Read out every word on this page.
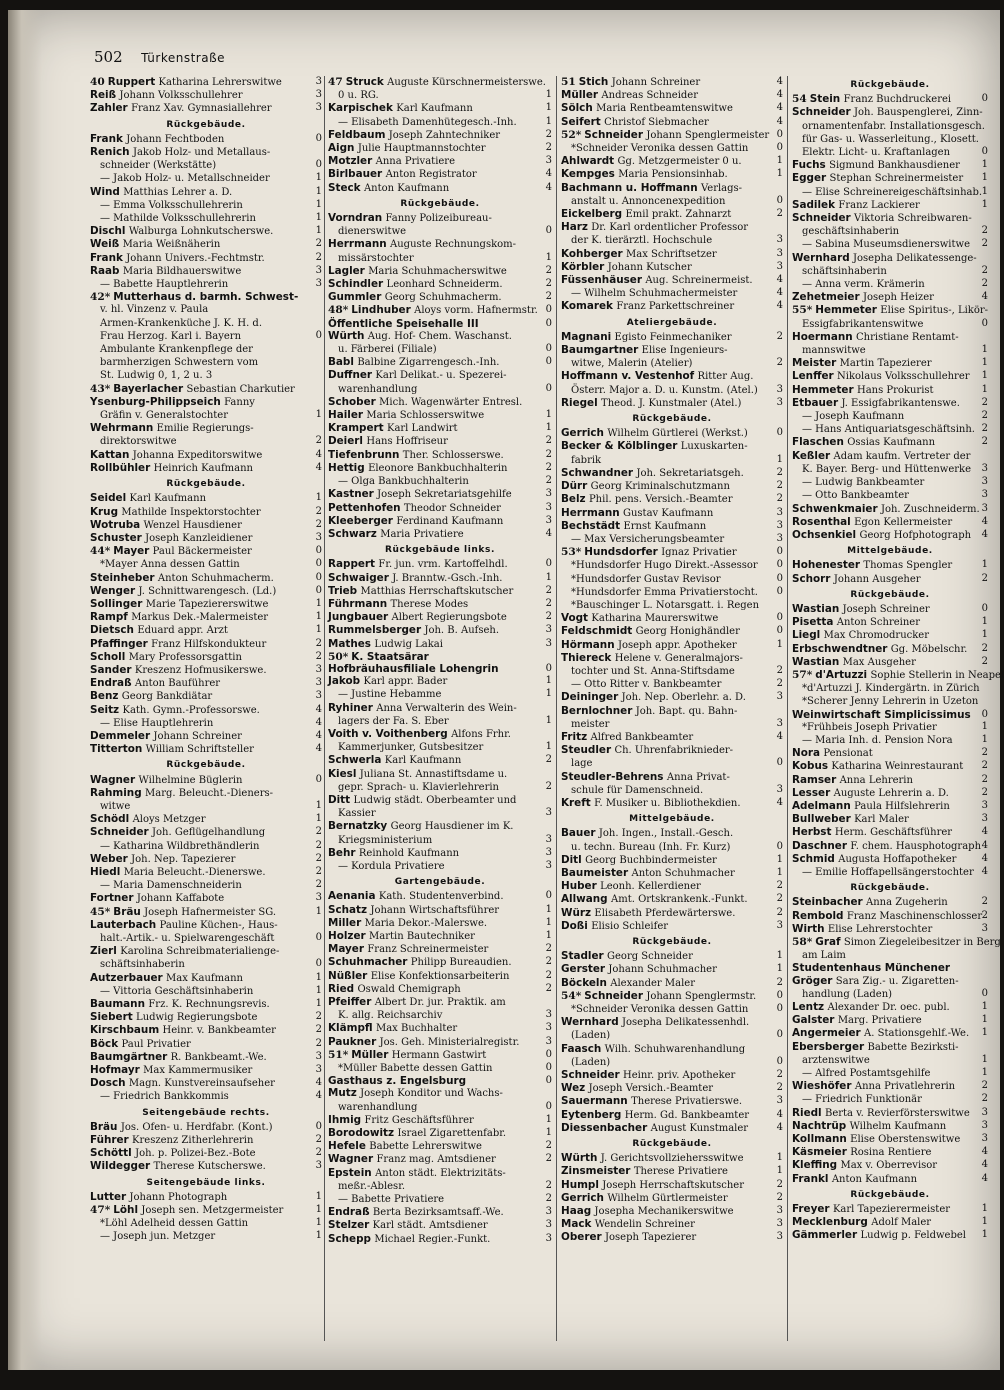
502 Türkenstraße
40 Ruppert Katharina Lehrerswitwe	3
Reiß Johann Volksschullehrer	3
Zahler Franz Xav. Gymnasiallehrer	3
Rückgebäude.
Frank Johann Fechtboden	0
Renich Jakob Holz- und Metallaus-
schneider (Werkstätte)	0
— Jakob Holz- u. Metallschneider	1
Wind Matthias Lehrer a. D.	1
— Emma Volksschullehrerin	1
— Mathilde Volksschullehrerin	1
Dischl Walburga Lohnkutscherswe.	1
Weiß Maria Weißnäherin	2
Frank Johann Univers.-Fechtmstr.	2
Raab Maria Bildhauerswitwe	3
— Babette Hauptlehrerin	3
42* Mutterhaus d. barmh. Schwest-
v. hl. Vinzenz v. Paula
Armen-Krankenküche J. K. H. d.
Frau Herzog. Karl i. Bayern	0
Ambulante Krankenpflege der
barmherzigen Schwestern vom
St. Ludwig 0, 1, 2 u. 3
43* Bayerlacher Sebastian Charkutier
Ysenburg-Philippseich Fanny
Gräfin v. Generalstochter	1
Wehrmann Emilie Regierungs-
direktorswitwe	2
Kattan Johanna Expeditorswitwe	4
Rollbühler Heinrich Kaufmann	4
Rückgebäude.
Seidel Karl Kaufmann	1
Krug Mathilde Inspektorstochter	2
Wotruba Wenzel Hausdiener	2
Schuster Joseph Kanzleidiener	3
44* Mayer Paul Bäckermeister	0
*Mayer Anna dessen Gattin	0
Steinheber Anton Schuhmacherm.	0
Wenger J. Schnittwarengesch. (Ld.)	0
Sollinger Marie Tapeziererswitwe	1
Rampf Markus Dek.-Malermeister	1
Dietsch Eduard appr. Arzt	1
Pfaffinger Franz Hilfskondukteur	2
Scholl Mary Professorsgattin	2
Sander Kreszenz Hofmusikerswe.	3
Endraß Anton Bauführer	3
Benz Georg Bankdiätar	3
Seitz Kath. Gymn.-Professorswe.	4
— Elise Hauptlehrerin	4
Demmeler Johann Schreiner	4
Titterton William Schriftsteller	4
Rückgebäude.
Wagner Wilhelmine Büglerin	0
Rahming Marg. Beleucht.-Dieners-
witwe	1
Schödl Aloys Metzger	1
Schneider Joh. Geflügelhandlung	2
— Katharina Wildbrethändlerin	2
Weber Joh. Nep. Tapezierer	2
Hiedl Maria Beleucht.-Dienerswe.	2
— Maria Damenschneiderin	2
Fortner Johann Kaffabote	3
45* Bräu Joseph Hafnermeister SG.	1
Lauterbach Pauline Küchen-, Haus-
halt.-Artik.- u. Spielwarengeschäft	0
Zierl Karolina Schreibmaterialienge-
schäftsinhaberin	0
Autzerbauer Max Kaufmann	1
— Vittoria Geschäftsinhaberin	1
Baumann Frz. K. Rechnungsrevis.	1
Siebert Ludwig Regierungsbote	2
Kirschbaum Heinr. v. Bankbeamter	2
Böck Paul Privatier	2
Baumgärtner R. Bankbeamt.-We.	3
Hofmayr Max Kammermusiker	3
Dosch Magn. Kunstvereinsaufseher	4
— Friedrich Bankkommis	4
Seitengebäude rechts.
Bräu Jos. Ofen- u. Herdfabr. (Kont.)	0
Führer Kreszenz Zitherlehrerin	2
Schöttl Joh. p. Polizei-Bez.-Bote	2
Wildegger Therese Kutscherswe.	3
Seitengebäude links.
Lutter Johann Photograph	1
47* Löhl Joseph sen. Metzgermeister	1
*Löhl Adelheid dessen Gattin	1
— Joseph jun. Metzger	1
47 Struck Auguste Kürschnermeisterswe.
0 u. RG.	1
Karpischek Karl Kaufmann	1
— Elisabeth Damenhütegesch.-Inh.	1
Feldbaum Joseph Zahntechniker	2
Aign Julie Hauptmannstochter	2
Motzler Anna Privatiere	3
Birlbauer Anton Registrator	4
Steck Anton Kaufmann	4
Rückgebäude.
Vorndran Fanny Polizeibureau-
dienerswitwe	0
Herrmann Auguste Rechnungskom-
missärstochter	1
Lagler Maria Schuhmacherswitwe	2
Schindler Leonhard Schneiderm.	2
Gummler Georg Schuhmacherm.	2
48* Lindhuber Aloys vorm. Hafnermstr. 0
Öffentliche Speisehalle III	0
Würth Aug. Hof- Chem. Waschanst.
u. Färberei (Filiale)	0
Babl Balbine Zigarrengesch.-Inh.	0
Duffner Karl Delikat.- u. Spezerei-
warenhandlung	0
Schober Mich. Wagenwärter Entresl.
Hailer Maria Schlosserswitwe	1
Krampert Karl Landwirt	1
Deierl Hans Hoffriseur	2
Tiefenbrunn Ther. Schlosserswe.	2
Hettig Eleonore Bankbuchhalterin	2
— Olga Bankbuchhalterin	2
Kastner Joseph Sekretariatsgehilfe	3
Pettenhofen Theodor Schneider	3
Kleeberger Ferdinand Kaufmann	3
Schwarz Maria Privatiere	4
Rückgebäude links.
Rappert Fr. jun. vrm. Kartoffelhdl.	0
Schwaiger J. Branntw.-Gsch.-Inh.	1
Trieb Matthias Herrschaftskutscher	2
Führmann Therese Modes	2
Jungbauer Albert Regierungsbote	2
Rummelsberger Joh. B. Aufseh.	3
Mathes Ludwig Lakai	3
50* K. Staatsärar
Hofbräuhausfiliale Lohengrin	0
Jakob Karl appr. Bader	1
— Justine Hebamme	1
Ryhiner Anna Verwalterin des Wein-
lagers der Fa. S. Eber	1
Voith v. Voithenberg Alfons Frhr.
Kammerjunker, Gutsbesitzer	1
Schwerla Karl Kaufmann	2
Kiesl Juliana St. Annastiftsdame u.
gepr. Sprach- u. Klavierlehrerin	2
Ditt Ludwig städt. Oberbeamter und
Kassier	3
Bernatzky Georg Hausdiener im K.
Kriegsministerium	3
Behr Reinhold Kaufmann	3
— Kordula Privatiere	3
Gartengebäude.
Aenania Kath. Studentenverbind.	0
Schatz Johann Wirtschaftsführer	1
Miller Maria Dekor.-Malerswe.	1
Holzer Martin Bautechniker	1
Mayer Franz Schreinermeister	2
Schuhmacher Philipp Bureaudien.	2
Nüßler Elise Konfektionsarbeiterin	2
Ried Oswald Chemigraph	2
Pfeiffer Albert Dr. jur. Praktik. am
K. allg. Reichsarchiv	3
Klämpfl Max Buchhalter	3
Paukner Jos. Geh. Ministerialregistr.	3
51* Müller Hermann Gastwirt	0
*Müller Babette dessen Gattin	0
Gasthaus z. Engelsburg	0
Mutz Joseph Konditor und Wachs-
warenhandlung	0
Ihmig Fritz Geschäftsführer	1
Borodowitz Israel Zigarettenfabr.	1
Hefele Babette Lehrerswitwe	2
Wagner Franz mag. Amtsdiener	2
Epstein Anton städt. Elektrizitäts-
meßr.-Ablesr.	2
— Babette Privatiere	2
Endraß Berta Bezirksamtsaff.-We.	3
Stelzer Karl städt. Amtsdiener	3
Schepp Michael Regier.-Funkt.	3
51 Stich Johann Schreiner	4
Müller Andreas Schneider	4
Sölch Maria Rentbeamtenswitwe	4
Seifert Christof Siebmacher	4
52* Schneider Johann Spenglermeister 0
*Schneider Veronika dessen Gattin	0
Ahlwardt Gg. Metzgermeister 0 u.	1
Kempges Maria Pensionsinhab.	1
Bachmann u. Hoffmann Verlags-
anstalt u. Annoncenexpedition	0
Eickelberg Emil prakt. Zahnarzt	2
Harz Dr. Karl ordentlicher Professor
der K. tierärztl. Hochschule	3
Kohberger Max Schriftsetzer	3
Körbler Johann Kutscher	3
Füssenhäuser Aug. Schreinermeist. 4
— Wilhelm Schuhmachermeister	4
Komarek Franz Parkettschreiner	4
Ateliergebäude.
Magnani Egisto Feinmechaniker	2
Baumgartner Elise Ingenieurs-
witwe, Malerin (Atelier)	2
Hoffmann v. Vestenhof Ritter Aug.
Österr. Major a. D. u. Kunstm. (Atel.) 3
Riegel Theod. J. Kunstmaler (Atel.)	3
Rückgebäude.
Gerrich Wilhelm Gürtlerei (Werkst.)	0
Becker & Kölblinger Luxuskarten-
fabrik	1
Schwandner Joh. Sekretariatsgeh.	2
Dürr Georg Kriminalschutzmann	2
Belz Phil. pens. Versich.-Beamter	2
Herrmann Gustav Kaufmann	3
Bechstädt Ernst Kaufmann	3
— Max Versicherungsbeamter	3
53* Hundsdorfer Ignaz Privatier	0
*Hundsdorfer Hugo Direkt.-Assessor 0
*Hundsdorfer Gustav Revisor	0
*Hundsdorfer Emma Privatierstocht. 0
*Bauschinger L. Notarsgatt. i. Regen
Vogt Katharina Maurerswitwe	0
Feldschmidt Georg Honighändler	0
Hörmann Joseph appr. Apotheker	1
Thiereck Helene v. Generalmajors-
tochter und St. Anna-Stiftsdame	2
— Otto Ritter v. Bankbeamter	2
Deininger Joh. Nep. Oberlehr. a. D.	3
Bernlochner Joh. Bapt. qu. Bahn-
meister	3
Fritz Alfred Bankbeamter	4
Steudler Ch. Uhrenfabriknieder-
lage	0
Steudler-Behrens Anna Privat-
schule für Damenschneid.	3
Kreft F. Musiker u. Bibliothekdien.	4
Mittelgebäude.
Bauer Joh. Ingen., Install.-Gesch.
u. techn. Bureau (Inh. Fr. Kurz)	0
Ditl Georg Buchbindermeister	1
Baumeister Anton Schuhmacher	1
Huber Leonh. Kellerdiener	2
Allwang Amt. Ortskrankenk.-Funkt.	2
Würz Elisabeth Pferdewärterswe.	2
Doßi Elisio Schleifer	3
Rückgebäude.
Stadler Georg Schneider	1
Gerster Johann Schuhmacher	1
Böckeln Alexander Maler	2
54* Schneider Johann Spenglermstr. 0
*Schneider Veronika dessen Gattin	0
Wernhard Josepha Delikatessenhdl.
(Laden)	0
Faasch Wilh. Schuhwarenhandlung
(Laden)	0
Schneider Heinr. priv. Apotheker	2
Wez Joseph Versich.-Beamter	2
Sauermann Therese Privatierswe.	3
Eytenberg Herm. Gd. Bankbeamter	4
Diessenbacher August Kunstmaler	4
Rückgebäude.
Würth J. Gerichtsvollziehersswitwe	1
Zinsmeister Therese Privatiere	1
Humpl Joseph Herrschaftskutscher	2
Gerrich Wilhelm Gürtlermeister	2
Haag Josepha Mechanikerswitwe	3
Mack Wendelin Schreiner	3
Oberer Joseph Tapezierer	3
Rückgebäude.
54 Stein Franz Buchdruckerei	0
Schneider Joh. Bauspenglerei, Zinn-
ornamentenfabr. Installationsgesch.
für Gas- u. Wasserleitung., Klosett.
Elektr. Licht- u. Kraftanlagen	0
Fuchs Sigmund Bankhausdiener 1
Egger Stephan Schreinermeister 1
— Elise Schreinereigeschäftsinhab. 1
Sadilek Franz Lackierer	1
Schneider Viktoria Schreibwaren-
geschäftsinhaberin	2
— Sabina Museumsdienerswitwe 2
Wernhard Josepha Delikatessenge-
schäftsinhaberin	2
— Anna verm. Krämerin	2
Zehetmeier Joseph Heizer	4
55* Hemmeter Elise Spiritus-, Likör-
Essigfabrikantenswitwe	0
Hoermann Christiane Rentamt-
mannswitwe	1
Meister Martin Tapezierer	1
Lenffer Nikolaus Volksschullehrer 1
Hemmeter Hans Prokurist	1
Etbauer J. Essigfabrikantenswe. 2
— Joseph Kaufmann	2
— Hans Antiquariatsgeschäftsinh. 2
Flaschen Ossias Kaufmann	2
Keßler Adam kaufm. Vertreter der
K. Bayer. Berg- und Hüttenwerke 3
— Ludwig Bankbeamter	3
— Otto Bankbeamter	3
Schwenkmaier Joh. Zuschneiderm. 3
Rosenthal Egon Kellermeister	4
Ochsenkiel Georg Hofphotograph 4
Mittelgebäude.
Hohenester Thomas Spengler	1
Schorr Johann Ausgeher	2
Rückgebäude.
Wastian Joseph Schreiner	0
Pisetta Anton Schreiner	1
Liegl Max Chromodrucker	1
Erbschwendtner Gg. Möbelschr. 2
Wastian Max Ausgeher	2
57* d'Artuzzi Sophie Stellerin in Neapel
*d'Artuzzi J. Kindergärtn. in Zürich
*Scherer Jenny Lehrerin in Uzeton
Weinwirtschaft Simplicissimus 0
*Frühbeis Joseph Privatier	1
— Maria Inh. d. Pension Nora	1
Nora Pensionat	2
Kobus Katharina Weinrestaurant 2
Ramser Anna Lehrerin	2
Lesser Auguste Lehrerin a. D.	2
Adelmann Paula Hilfslehrerin	3
Bullweber Karl Maler	3
Herbst Herm. Geschäftsführer	4
Daschner F. chem. Hausphotograph 4
Schmid Augusta Hoffapotheker	4
— Emilie Hoffapellsängerstochter 4
Rückgebäude.
Steinbacher Anna Zugeherin	2
Rembold Franz Maschinenschlosser 2
Wirth Elise Lehrerstochter	3
58* Graf Simon Ziegeleibesitzer in Berg
am Laim
Studentenhaus Münchener
Gröger Sara Zig.- u. Zigaretten-
handlung (Laden)	0
Lentz Alexander Dr. oec. publ.	1
Galster Marg. Privatiere	1
Angermeier A. Stationsgehlf.-We. 1
Ebersberger Babette Bezirksti-
arztenswitwe	1
— Alfred Postamtsgehilfe	1
Wieshöfer Anna Privatlehrerin	2
— Friedrich Funktionär	2
Riedl Berta v. Revierförsterswitwe 3
Nachtrüp Wilhelm Kaufmann	3
Kollmann Elise Oberstenswitwe 3
Käsmeier Rosina Rentiere	4
Kleffing Max v. Oberrevisor	4
Frankl Anton Kaufmann	4
Rückgebäude.
Freyer Karl Tapezierermeister	1
Mecklenburg Adolf Maler	1
Gämmerler Ludwig p. Feldwebel 1
